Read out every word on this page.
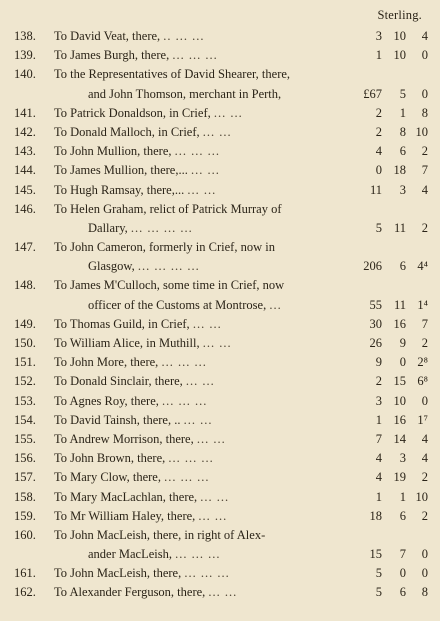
Sterling.
138.	To David Veat, there, .. ... ...	3 10 4
139.	To James Burgh, there, ... ... ...	1 10 0
140.	To the Representatives of David Shearer, there,
and John Thomson, merchant in Perth,	£67 5 0
141.	To Patrick Donaldson, in Crief, ... ...	2 1 8
142.	To Donald Malloch, in Crief, ... ...	2 8 10
143.	To John Mullion, there, ... ... ...	4 6 2
144.	To James Mullion, there,... ... ...	0 18 7
145.	To Hugh Ramsay, there,... ... ...	11 3 4
146.	To Helen Graham, relict of Patrick Murray of
Dallary, ... ... ... ...	5 11 2
147.	To John Cameron, formerly in Crief, now in
Glasgow, ... ... ... ...	206 6 4⁴
148.	To James M'Culloch, some time in Crief, now
officer of the Customs at Montrose, ...	55 11 1⁴
149.	To Thomas Guild, in Crief, ... ...	30 16 7
150.	To William Alice, in Muthill, ... ...	26 9 2
151.	To John More, there, ... ... ...	9 0 2⁸
152.	To Donald Sinclair, there, ... ...	2 15 6⁸
153.	To Agnes Roy, there, ... ... ...	3 10 0
154.	To David Tainsh, there, .. ... ...	1 16 1⁷
155.	To Andrew Morrison, there, ... ...	7 14 4
156.	To John Brown, there, ... ... ...	4 3 4
157.	To Mary Clow, there, ... ... ...	4 19 2
158.	To Mary MacLachlan, there, ... ...	1 1 10
159.	To Mr William Haley, there, ... ...	18 6 2
160.	To John MacLeish, there, in right of Alex-
ander MacLeish, ... ... ...	15 7 0
161.	To John MacLeish, there, ... ... ...	5 0 0
162.	To Alexander Ferguson, there, ... ...	5 6 8
